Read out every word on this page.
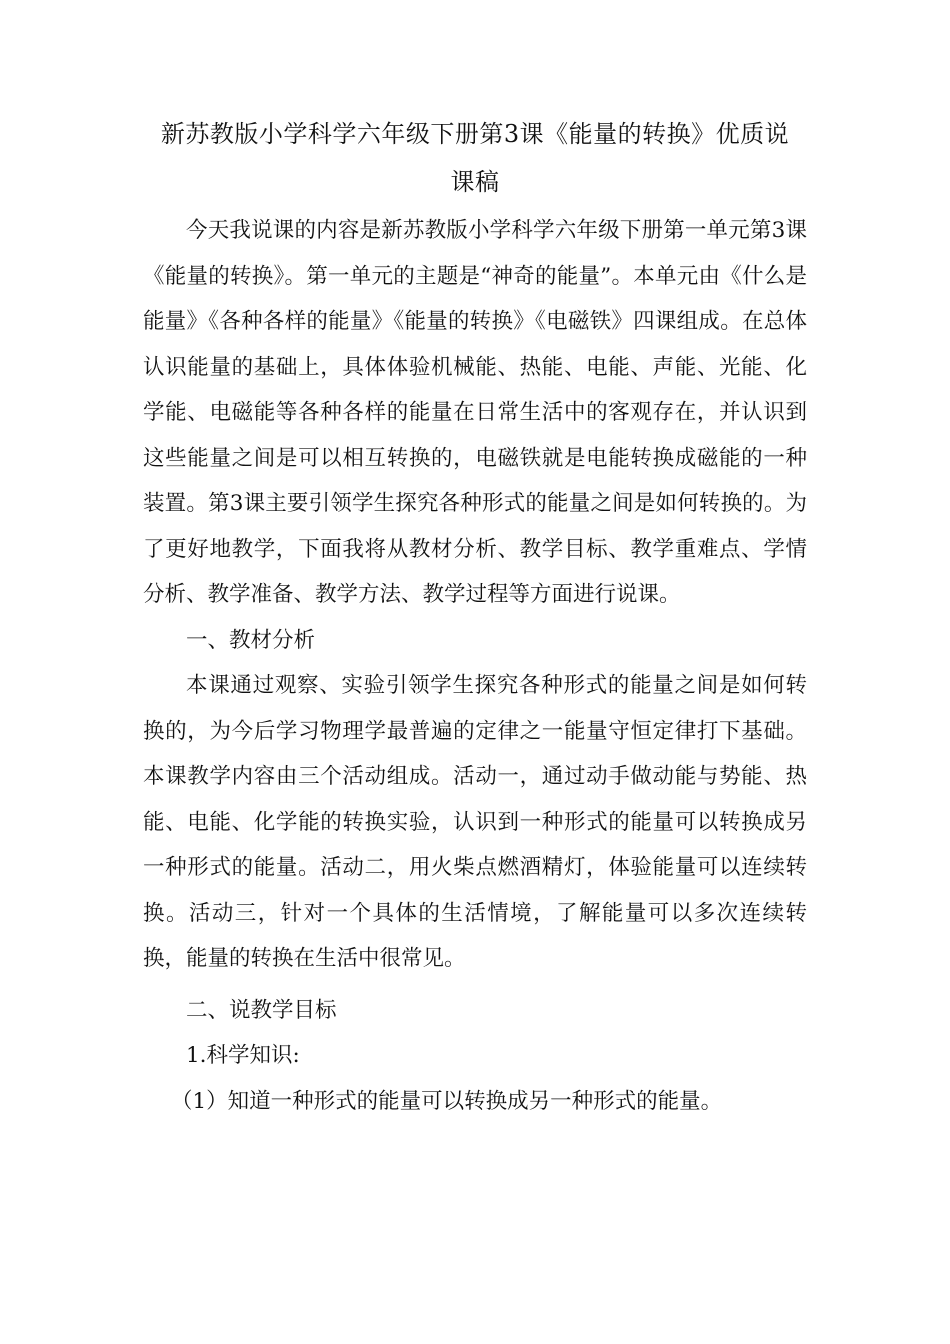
新苏教版小学科学六年级下册第3课《能量的转换》优质说
课稿

今天我说课的内容是新苏教版小学科学六年级下册第一单元第3课《能量的转换》。第一单元的主题是“神奇的能量”。本单元由《什么是能量》《各种各样的能量》《能量的转换》《电磁铁》四课组成。在总体认识能量的基础上，具体体验机械能、热能、电能、声能、光能、化学能、电磁能等各种各样的能量在日常生活中的客观存在，并认识到这些能量之间是可以相互转换的，电磁铁就是电能转换成磁能的一种装置。第3课主要引领学生探究各种形式的能量之间是如何转换的。为了更好地教学，下面我将从教材分析、教学目标、教学重难点、学情分析、教学准备、教学方法、教学过程等方面进行说课。

一、教材分析

本课通过观察、实验引领学生探究各种形式的能量之间是如何转换的，为今后学习物理学最普遍的定律之一能量守恒定律打下基础。本课教学内容由三个活动组成。活动一，通过动手做动能与势能、热能、电能、化学能的转换实验，认识到一种形式的能量可以转换成另一种形式的能量。活动二，用火柴点燃酒精灯，体验能量可以连续转换。活动三，针对一个具体的生活情境，了解能量可以多次连续转换，能量的转换在生活中很常见。

二、说教学目标

1.科学知识:

（1）知道一种形式的能量可以转换成另一种形式的能量。
